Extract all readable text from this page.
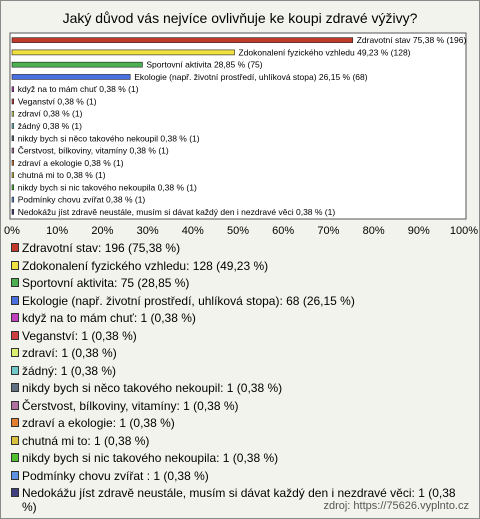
Jaký důvod vás nejvíce ovlivňuje ke koupi zdravé výživy?
Zdravotní stav 75,38 % (196)
Zdokonalení fyzického vzhledu 49,23 % (128)
Sportovní aktivita 28,85 % (75)
Ekologie (např. životní prostředí, uhlíková stopa) 26,15 % (68)
když na to mám chuť 0,38 % (1)
Veganství 0,38 % (1)
zdraví 0,38 % (1)
žádný 0,38 % (1)
nikdy bych si něco takového nekoupil 0,38 % (1)
Čerstvost, bílkoviny, vitamíny 0,38 % (1)
zdraví a ekologie 0,38 % (1)
chutná mi to 0,38 % (1)
nikdy bych si nic takového nekoupila 0,38 % (1)
Podmínky chovu zvířat 0,38 % (1)
Nedokážu jíst zdravě neustále, musím si dávat každý den i nezdravé věci 0,38 % (1)
0% 10% 20% 30% 40% 50% 60% 70% 80% 90% 100%
Zdravotní stav: 196 (75,38 %)
Zdokonalení fyzického vzhledu: 128 (49,23 %)
Sportovní aktivita: 75 (28,85 %)
Ekologie (např. životní prostředí, uhlíková stopa): 68 (26,15 %)
když na to mám chuť: 1 (0,38 %)
Veganství: 1 (0,38 %)
zdraví: 1 (0,38 %)
žádný: 1 (0,38 %)
nikdy bych si něco takového nekoupil: 1 (0,38 %)
Čerstvost, bílkoviny, vitamíny: 1 (0,38 %)
zdraví a ekologie: 1 (0,38 %)
chutná mi to: 1 (0,38 %)
nikdy bych si nic takového nekoupila: 1 (0,38 %)
Podmínky chovu zvířat : 1 (0,38 %)
Nedokážu jíst zdravě neustále, musím si dávat každý den i nezdravé věci: 1 (0,38 %)	zdroj: https://75626.vyplnto.cz
